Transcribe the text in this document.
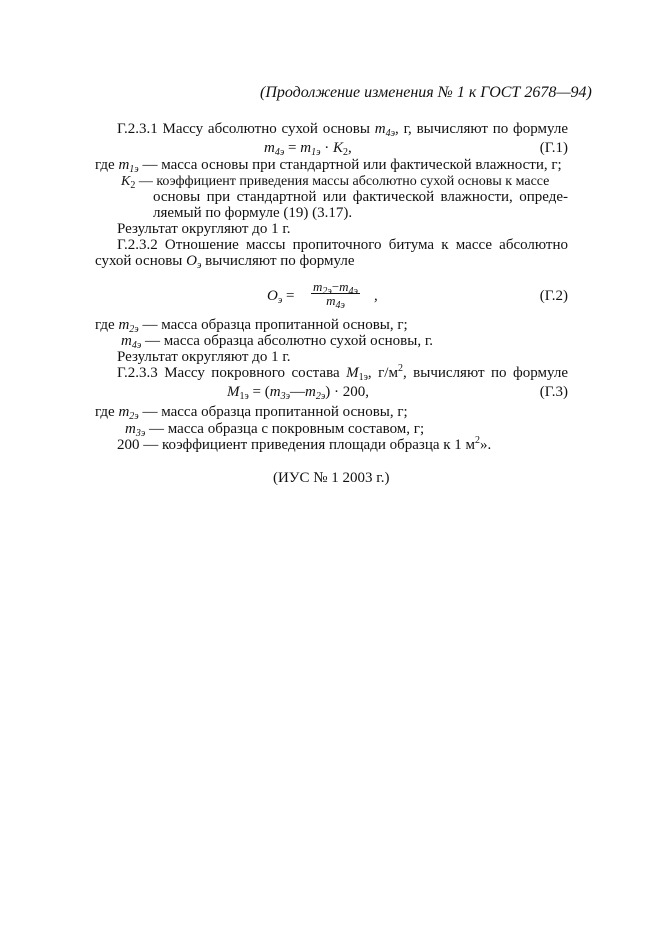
(Продолжение изменения № 1 к ГОСТ 2678—94)
Г.2.3.1 Массу абсолютно сухой основы $m_{4э}$, г, вычисляют по формуле
$m_{4э} = m_{1э} \cdot K_2$,	(Г.1)
где $m_{1э}$ — масса основы при стандартной или фактической влажности, г;
$K_2$ — коэффициент приведения массы абсолютно сухой основы к массе
основы при стандартной или фактической влажности, опреде-
ляемый по формуле (19) (3.17).
Результат округляют до 1 г.
Г.2.3.2 Отношение массы пропиточного битума к массе абсолютно
сухой основы $O_э$ вычисляют по формуле
$O_э$ =
$m_{2э}-m_{4э}$
$m_{4э}$
,	(Г.2)
где $m_{2э}$ — масса образца пропитанной основы, г;
$m_{4э}$ — масса образца абсолютно сухой основы, г.
Результат округляют до 1 г.
Г.2.3.3 Массу покровного состава $M_{1э}$, $г/м^2$, вычисляют по формуле
$M_{1э}$ = $(m_{3э}—m_{2э}) \cdot 200$,	(Г.3)
где $m_{2э}$ — масса образца пропитанной основы, г;
$m_{3э}$ — масса образца с покровным составом, г;
200 — коэффициент приведения площади образца к 1 $м^2$».
(ИУС № 1 2003 г.)
